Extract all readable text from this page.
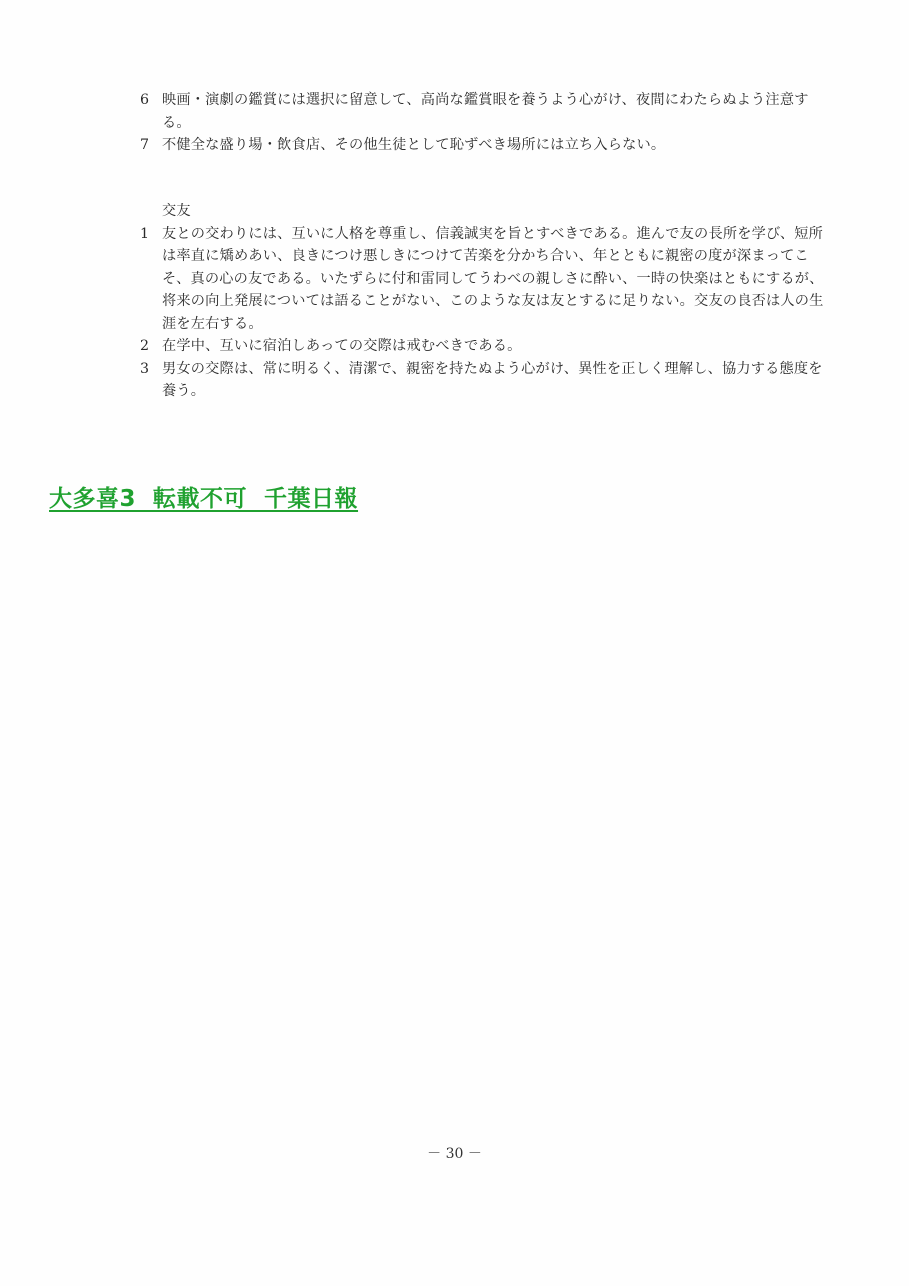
6 映画・演劇の鑑賞には選択に留意して、高尚な鑑賞眼を養うよう心がけ、夜間にわたらぬよう注意する。
7 不健全な盛り場・飲食店、その他生徒として恥ずべき場所には立ち入らない。
交友
1 友との交わりには、互いに人格を尊重し、信義誠実を旨とすべきである。進んで友の長所を学び、短所は率直に矯めあい、良きにつけ悪しきにつけて苦楽を分かち合い、年とともに親密の度が深まってこそ、真の心の友である。いたずらに付和雷同してうわべの親しさに酔い、一時の快楽はともにするが、将来の向上発展については語ることがない、このような友は友とするに足りない。交友の良否は人の生涯を左右する。
2 在学中、互いに宿泊しあっての交際は戒むべきである。
3 男女の交際は、常に明るく、清潔で、親密を持たぬよう心がけ、異性を正しく理解し、協力する態度を養う。
大多喜3  転載不可  千葉日報
－ 30 －
